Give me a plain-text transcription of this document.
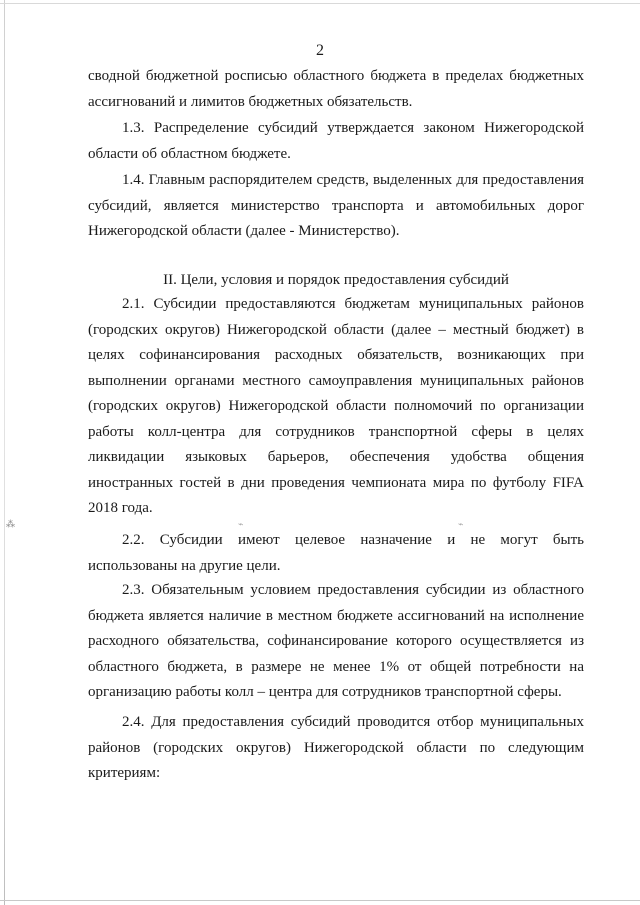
⁂	⌁	⌁
2

сводной бюджетной росписью областного бюджета в пределах бюджетных ассигнований и лимитов бюджетных обязательств.

1.3. Распределение субсидий утверждается законом Нижегородской области об областном бюджете.

1.4. Главным распорядителем средств, выделенных для предоставления субсидий, является министерство транспорта и автомобильных дорог Нижегородской области (далее - Министерство).

II. Цели, условия и порядок предоставления субсидий

2.1. Субсидии предоставляются бюджетам муниципальных районов (городских округов) Нижегородской области (далее – местный бюджет) в целях софинансирования расходных обязательств, возникающих при выполнении органами местного самоуправления муниципальных районов (городских округов) Нижегородской области полномочий по организации работы колл-центра для сотрудников транспортной сферы в целях ликвидации языковых барьеров, обеспечения удобства общения иностранных гостей в дни проведения чемпионата мира по футболу FIFA 2018 года.

2.2. Субсидии имеют целевое назначение и не могут быть использованы на другие цели.

2.3. Обязательным условием предоставления субсидии из областного бюджета является наличие в местном бюджете ассигнований на исполнение расходного обязательства, софинансирование которого осуществляется из областного бюджета, в размере не менее 1% от общей потребности на организацию работы колл – центра для сотрудников транспортной сферы.

2.4. Для предоставления субсидий проводится отбор муниципальных районов (городских округов) Нижегородской области по следующим критериям:
